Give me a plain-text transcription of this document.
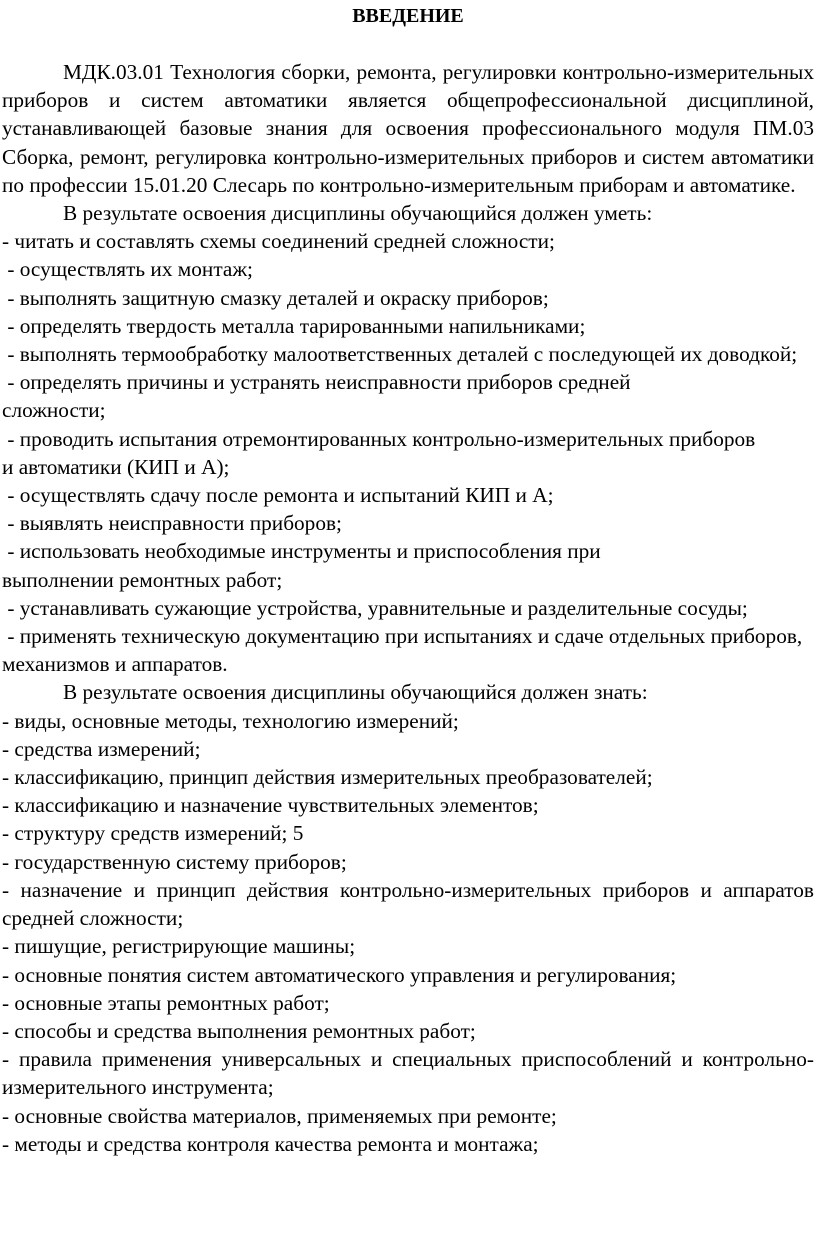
ВВЕДЕНИЕ

МДК.03.01 Технология сборки, ремонта, регулировки контрольно-измерительных приборов и систем автоматики является общепрофессиональной дисциплиной, устанавливающей базовые знания для освоения профессионального модуля ПМ.03 Сборка, ремонт, регулировка контрольно-измерительных приборов и систем автоматики по профессии 15.01.20 Слесарь по контрольно-измерительным приборам и автоматике.

В результате освоения дисциплины обучающийся должен уметь:

- читать и составлять схемы соединений средней сложности;

- осуществлять их монтаж;

- выполнять защитную смазку деталей и окраску приборов;

- определять твердость металла тарированными напильниками;

- выполнять термообработку малоответственных деталей с последующей их доводкой;

- определять причины и устранять неисправности приборов средней сложности;

- проводить испытания отремонтированных контрольно-измерительных приборов и автоматики (КИП и А);

- осуществлять сдачу после ремонта и испытаний КИП и А;

- выявлять неисправности приборов;

- использовать необходимые инструменты и приспособления при выполнении ремонтных работ;

- устанавливать сужающие устройства, уравнительные и разделительные сосуды;

- применять техническую документацию при испытаниях и сдаче отдельных приборов, механизмов и аппаратов.

В результате освоения дисциплины обучающийся должен знать:

- виды, основные методы, технологию измерений;

- средства измерений;

- классификацию, принцип действия измерительных преобразователей;

- классификацию и назначение чувствительных элементов;

- структуру средств измерений; 5

- государственную систему приборов;

- назначение и принцип действия контрольно-измерительных приборов и аппаратов средней сложности;

- пишущие, регистрирующие машины;

- основные понятия систем автоматического управления и регулирования;

- основные этапы ремонтных работ;

- способы и средства выполнения ремонтных работ;

- правила применения универсальных и специальных приспособлений и контрольно-измерительного инструмента;

- основные свойства материалов, применяемых при ремонте;

- методы и средства контроля качества ремонта и монтажа;
